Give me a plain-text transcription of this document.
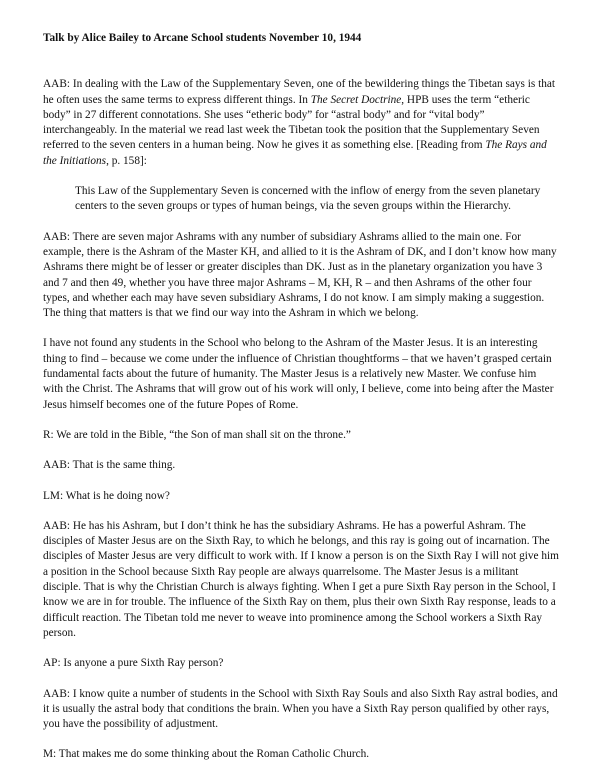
Talk by Alice Bailey to Arcane School students November 10, 1944
AAB: In dealing with the Law of the Supplementary Seven, one of the bewildering things the Tibetan says is that he often uses the same terms to express different things. In The Secret Doctrine, HPB uses the term “etheric body” in 27 different connotations. She uses “etheric body” for “astral body” and for “vital body” interchangeably. In the material we read last week the Tibetan took the position that the Supplementary Seven referred to the seven centers in a human being. Now he gives it as something else. [Reading from The Rays and the Initiations, p. 158]:
This Law of the Supplementary Seven is concerned with the inflow of energy from the seven planetary centers to the seven groups or types of human beings, via the seven groups within the Hierarchy.
AAB: There are seven major Ashrams with any number of subsidiary Ashrams allied to the main one. For example, there is the Ashram of the Master KH, and allied to it is the Ashram of DK, and I don’t know how many Ashrams there might be of lesser or greater disciples than DK. Just as in the planetary organization you have 3 and 7 and then 49, whether you have three major Ashrams – M, KH, R – and then Ashrams of the other four types, and whether each may have seven subsidiary Ashrams, I do not know. I am simply making a suggestion. The thing that matters is that we find our way into the Ashram in which we belong.
I have not found any students in the School who belong to the Ashram of the Master Jesus. It is an interesting thing to find – because we come under the influence of Christian thoughtforms – that we haven’t grasped certain fundamental facts about the future of humanity. The Master Jesus is a relatively new Master. We confuse him with the Christ. The Ashrams that will grow out of his work will only, I believe, come into being after the Master Jesus himself becomes one of the future Popes of Rome.
R: We are told in the Bible, “the Son of man shall sit on the throne.”
AAB: That is the same thing.
LM: What is he doing now?
AAB: He has his Ashram, but I don’t think he has the subsidiary Ashrams. He has a powerful Ashram. The disciples of Master Jesus are on the Sixth Ray, to which he belongs, and this ray is going out of incarnation. The disciples of Master Jesus are very difficult to work with. If I know a person is on the Sixth Ray I will not give him a position in the School because Sixth Ray people are always quarrelsome. The Master Jesus is a militant disciple. That is why the Christian Church is always fighting. When I get a pure Sixth Ray person in the School, I know we are in for trouble. The influence of the Sixth Ray on them, plus their own Sixth Ray response, leads to a difficult reaction. The Tibetan told me never to weave into prominence among the School workers a Sixth Ray person.
AP: Is anyone a pure Sixth Ray person?
AAB: I know quite a number of students in the School with Sixth Ray Souls and also Sixth Ray astral bodies, and it is usually the astral body that conditions the brain. When you have a Sixth Ray person qualified by other rays, you have the possibility of adjustment.
M: That makes me do some thinking about the Roman Catholic Church.
